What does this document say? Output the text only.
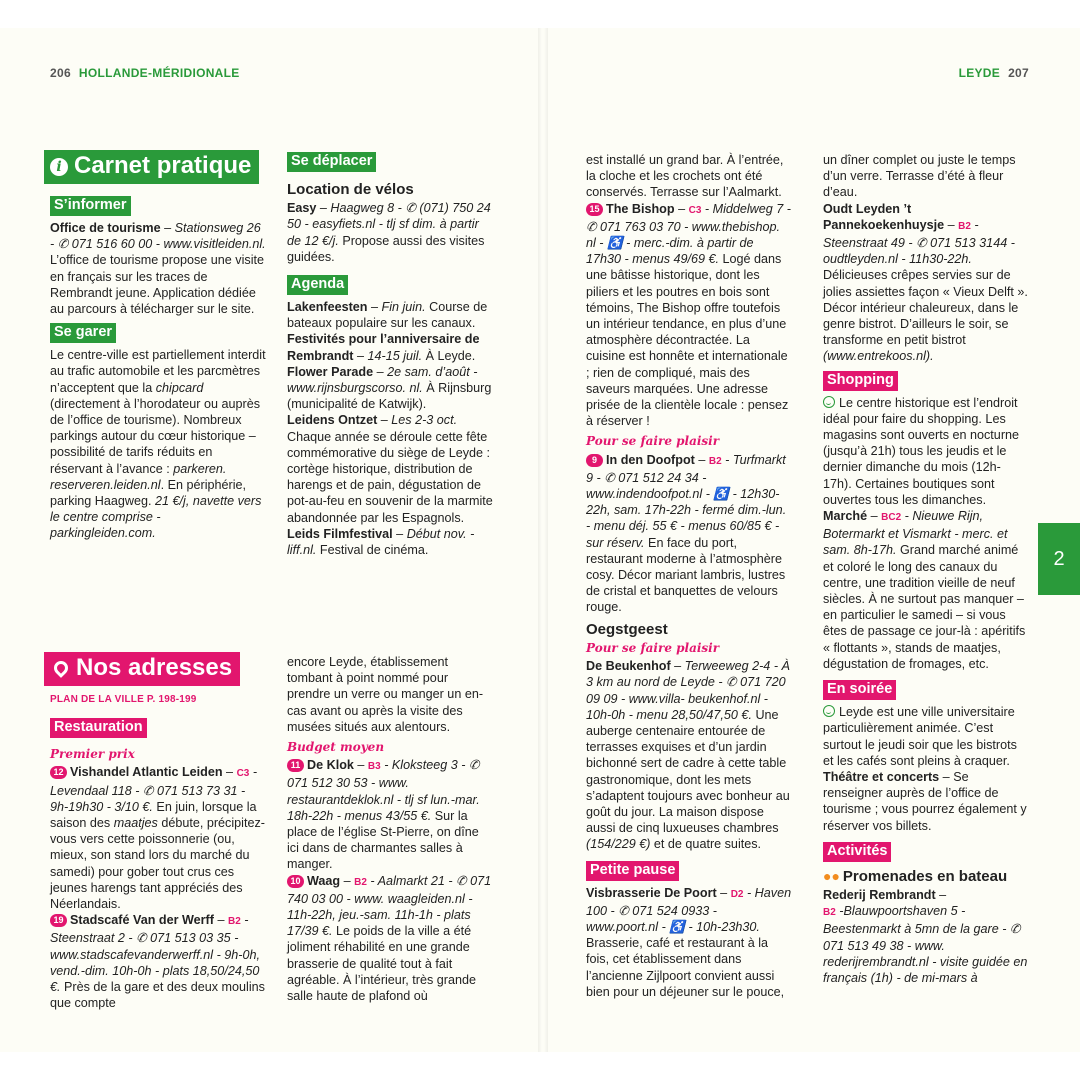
206 HOLLANDE-MÉRIDIONALE	LEYDE 207
2
i Carnet pratique
S’informer

Office de tourisme – Stationsweg 26 - ✆ 071 516 60 00 - www.visitleiden.nl. L’office de tourisme propose une visite en français sur les traces de Rembrandt jeune. Application dédiée au parcours à télécharger sur le site.

Se garer

Le centre-ville est partiellement interdit au trafic automobile et les parcmètres n’acceptent que la chipcard (directement à l’horodateur ou auprès de l’office de tourisme). Nombreux parkings autour du cœur historique – possibilité de tarifs réduits en réservant à l’avance : parkeren. reserveren.leiden.nl. En périphérie, parking Haagweg. 21 €/j, navette vers le centre comprise - parkingleiden.com.

Se déplacer
Location de vélos

Easy – Haagweg 8 - ✆ (071) 750 24 50 - easyfiets.nl - tlj sf dim. à partir de 12 €/j. Propose aussi des visites guidées.

Agenda

Lakenfeesten – Fin juin. Course de bateaux populaire sur les canaux.

Festivités pour l’anniversaire de Rembrandt – 14-15 juil. À Leyde.

Flower Parade – 2e sam. d’août - www.rijnsburgscorso. nl. À Rijnsburg (municipalité de Katwijk).

Leidens Ontzet – Les 2-3 oct. Chaque année se déroule cette fête commémorative du siège de Leyde : cortège historique, distribution de harengs et de pain, dégustation de pot-au-feu en souvenir de la marmite abandonnée par les Espagnols.

Leids Filmfestival – Début nov. - liff.nl. Festival de cinéma.

Nos adresses
PLAN DE LA VILLE P. 198-199
Restauration
Premier prix

12 Vishandel Atlantic Leiden – C3 - Levendaal 118 - ✆ 071 513 73 31 - 9h-19h30 - 3/10 €. En juin, lorsque la saison des maatjes débute, précipitez-vous vers cette poissonnerie (ou, mieux, son stand lors du marché du samedi) pour gober tout crus ces jeunes harengs tant appréciés des Néerlandais.

19 Stadscafé Van der Werff – B2 - Steenstraat 2 - ✆ 071 513 03 35 - www.stadscafevanderwerff.nl - 9h-0h, vend.-dim. 10h-0h - plats 18,50/24,50 €. Près de la gare et des deux moulins que compte

encore Leyde, établissement tombant à point nommé pour prendre un verre ou manger un en-cas avant ou après la visite des musées situés aux alentours.

Budget moyen

11 De Klok – B3 - Kloksteeg 3 - ✆ 071 512 30 53 - www. restaurantdeklok.nl - tlj sf lun.-mar. 18h-22h - menus 43/55 €. Sur la place de l’église St-Pierre, on dîne ici dans de charmantes salles à manger.

10 Waag – B2 - Aalmarkt 21 - ✆ 071 740 03 00 - www. waagleiden.nl - 11h-22h, jeu.-sam. 11h-1h - plats 17/39 €. Le poids de la ville a été joliment réhabilité en une grande brasserie de qualité tout à fait agréable. À l’intérieur, très grande salle haute de plafond où

est installé un grand bar. À l’entrée, la cloche et les crochets ont été conservés. Terrasse sur l’Aalmarkt.

15 The Bishop – C3 - Middelweg 7 - ✆ 071 763 03 70 - www.thebishop. nl - ♿ - merc.-dim. à partir de 17h30 - menus 49/69 €. Logé dans une bâtisse historique, dont les piliers et les poutres en bois sont témoins, The Bishop offre toutefois un intérieur tendance, en plus d’une atmosphère décontractée. La cuisine est honnête et internationale ; rien de compliqué, mais des saveurs marquées. Une adresse prisée de la clientèle locale : pensez à réserver !

Pour se faire plaisir

9 In den Doofpot – B2 - Turfmarkt 9 - ✆ 071 512 24 34 - www.indendoofpot.nl - ♿ - 12h30-22h, sam. 17h-22h - fermé dim.-lun. - menu déj. 55 € - menus 60/85 € - sur réserv. En face du port, restaurant moderne à l’atmosphère cosy. Décor mariant lambris, lustres de cristal et banquettes de velours rouge.

Oegstgeest
Pour se faire plaisir

De Beukenhof – Terweeweg 2-4 - À 3 km au nord de Leyde - ✆ 071 720 09 09 - www.villa- beukenhof.nl - 10h-0h - menu 28,50/47,50 €. Une auberge centenaire entourée de terrasses exquises et d’un jardin bichonné sert de cadre à cette table gastronomique, dont les mets s’adaptent toujours avec bonheur au goût du jour. La maison dispose aussi de cinq luxueuses chambres (154/229 €) et de quatre suites.

Petite pause

Visbrasserie De Poort – D2 - Haven 100 - ✆ 071 524 0933 - www.poort.nl - ♿ - 10h-23h30. Brasserie, café et restaurant à la fois, cet établissement dans l’ancienne Zijlpoort convient aussi bien pour un déjeuner sur le pouce,

un dîner complet ou juste le temps d’un verre. Terrasse d’été à fleur d’eau.

Oudt Leyden ’t Pannekoekenhuysje – B2 - Steenstraat 49 - ✆ 071 513 3144 - oudtleyden.nl - 11h30-22h. Délicieuses crêpes servies sur de jolies assiettes façon « Vieux Delft ». Décor intérieur chaleureux, dans le genre bistrot. D’ailleurs le soir, se transforme en petit bistrot (www.entrekoos.nl).

Shopping

Le centre historique est l’endroit idéal pour faire du shopping. Les magasins sont ouverts en nocturne (jusqu’à 21h) tous les jeudis et le dernier dimanche du mois (12h-17h). Certaines boutiques sont ouvertes tous les dimanches.

Marché – BC2 - Nieuwe Rijn, Botermarkt et Vismarkt - merc. et sam. 8h-17h. Grand marché animé et coloré le long des canaux du centre, une tradition vieille de neuf siècles. À ne surtout pas manquer – en particulier le samedi – si vous êtes de passage ce jour-là : apéritifs « flottants », stands de maatjes, dégustation de fromages, etc.

En soirée

Leyde est une ville universitaire particulièrement animée. C’est surtout le jeudi soir que les bistrots et les cafés sont pleins à craquer.

Théâtre et concerts – Se renseigner auprès de l’office de tourisme ; vous pourrez également y réserver vos billets.

Activités
●● Promenades en bateau

Rederij Rembrandt –
B2 -Blauwpoortshaven 5 - Beestenmarkt à 5mn de la gare - ✆ 071 513 49 38 - www. rederijrembrandt.nl - visite guidée en français (1h) - de mi-mars à
